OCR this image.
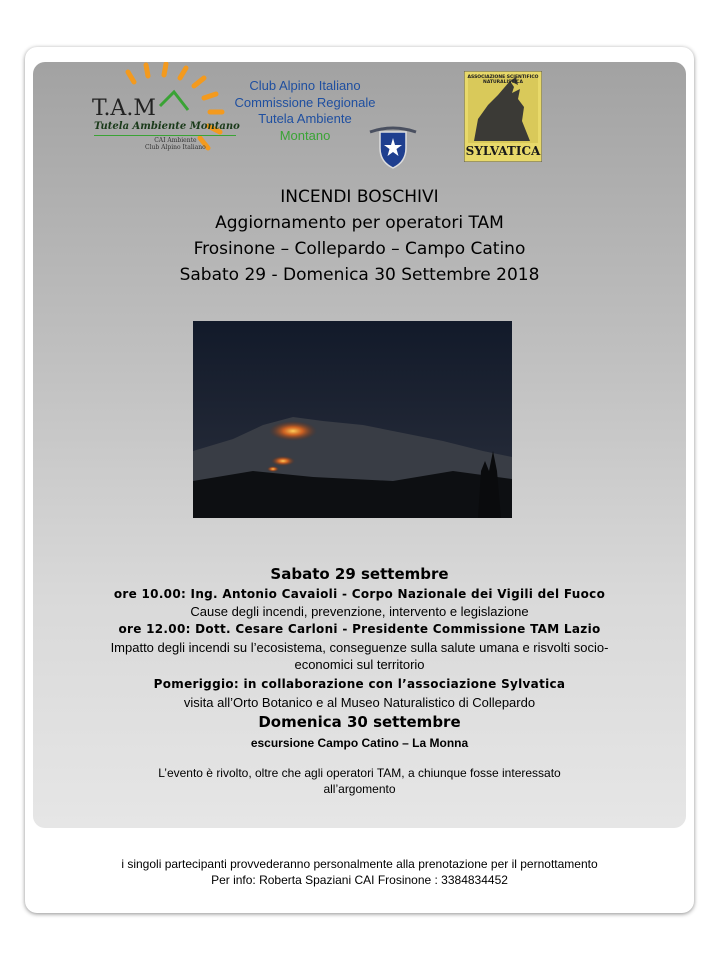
T.A.M
Tutela Ambiente Montano
CAI Ambiente
Club Alpino Italiano
Club Alpino Italiano
Commissione Regionale
Tutela Ambiente
Montano
ASSOCIAZIONE SCIENTIFICO NATURALISTICA
SYLVATICA
INCENDI BOSCHIVI
Aggiornamento per operatori TAM
Frosinone – Collepardo – Campo Catino
Sabato 29 - Domenica 30 Settembre 2018
Sabato 29 settembre
ore 10.00: Ing. Antonio Cavaioli - Corpo Nazionale dei Vigili del Fuoco
Cause degli incendi, prevenzione, intervento e legislazione
ore 12.00: Dott. Cesare Carloni - Presidente Commissione TAM Lazio
Impatto degli incendi su l’ecosistema, conseguenze sulla salute umana e risvolti socio-
economici sul territorio
Pomeriggio: in collaborazione con l’associazione Sylvatica
visita all’Orto Botanico e al Museo Naturalistico di Collepardo
Domenica 30 settembre
escursione Campo Catino – La Monna
L’evento è rivolto, oltre che agli operatori TAM, a chiunque fosse interessato
all’argomento
i singoli partecipanti provvederanno personalmente alla prenotazione per il pernottamento
Per info: Roberta Spaziani CAI Frosinone : 3384834452
